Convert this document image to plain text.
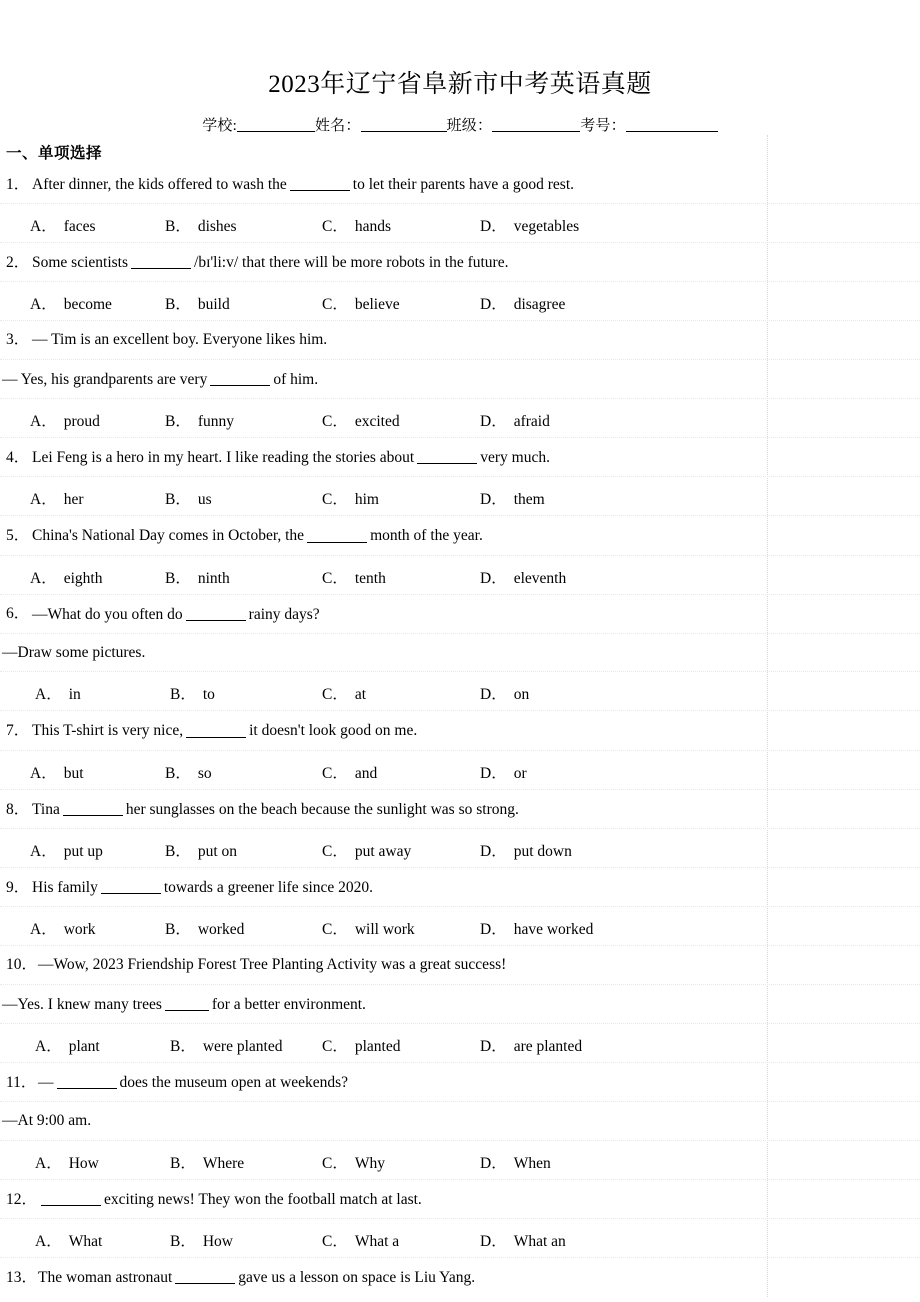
2023年辽宁省阜新市中考英语真题
学校:	姓名：	班级：	考号：
一、单项选择
1． After dinner, the kids offered to wash the	to let their parents have a good rest.
A． faces	B． dishes	C． hands	D． vegetables
2． Some scientists	/bɪ'li:v/ that there will be more robots in the future.
A． become	B． build	C． believe	D． disagree
3． — Tim is an excellent boy. Everyone likes him.
— Yes, his grandparents are very	of him.
A． proud	B． funny	C． excited	D． afraid
4． Lei Feng is a hero in my heart. I like reading the stories about	very much.
A． her	B． us	C． him	D． them
5． China's National Day comes in October, the	month of the year.
A． eighth	B． ninth	C． tenth	D． eleventh
6． —What do you often do	rainy days?
—Draw some pictures.
A． in	B． to	C． at	D． on
7． This T-shirt is very nice,	it doesn't look good on me.
A． but	B． so	C． and	D． or
8． Tina	her sunglasses on the beach because the sunlight was so strong.
A． put up	B． put on	C． put away	D． put down
9． His family	towards a greener life since 2020.
A． work	B． worked	C． will work	D． have worked
10．—Wow, 2023 Friendship Forest Tree Planting Activity was a great success!
—Yes. I knew many trees	for a better environment.
A． plant	B． were planted	C． planted	D． are planted
11． —	does the museum open at weekends?
—At 9:00 am.
A． How	B． Where	C． Why	D． When
12．	exciting news! They won the football match at last.
A． What	B． How	C． What a	D． What an
13．The woman astronaut	gave us a lesson on space is Liu Yang.
